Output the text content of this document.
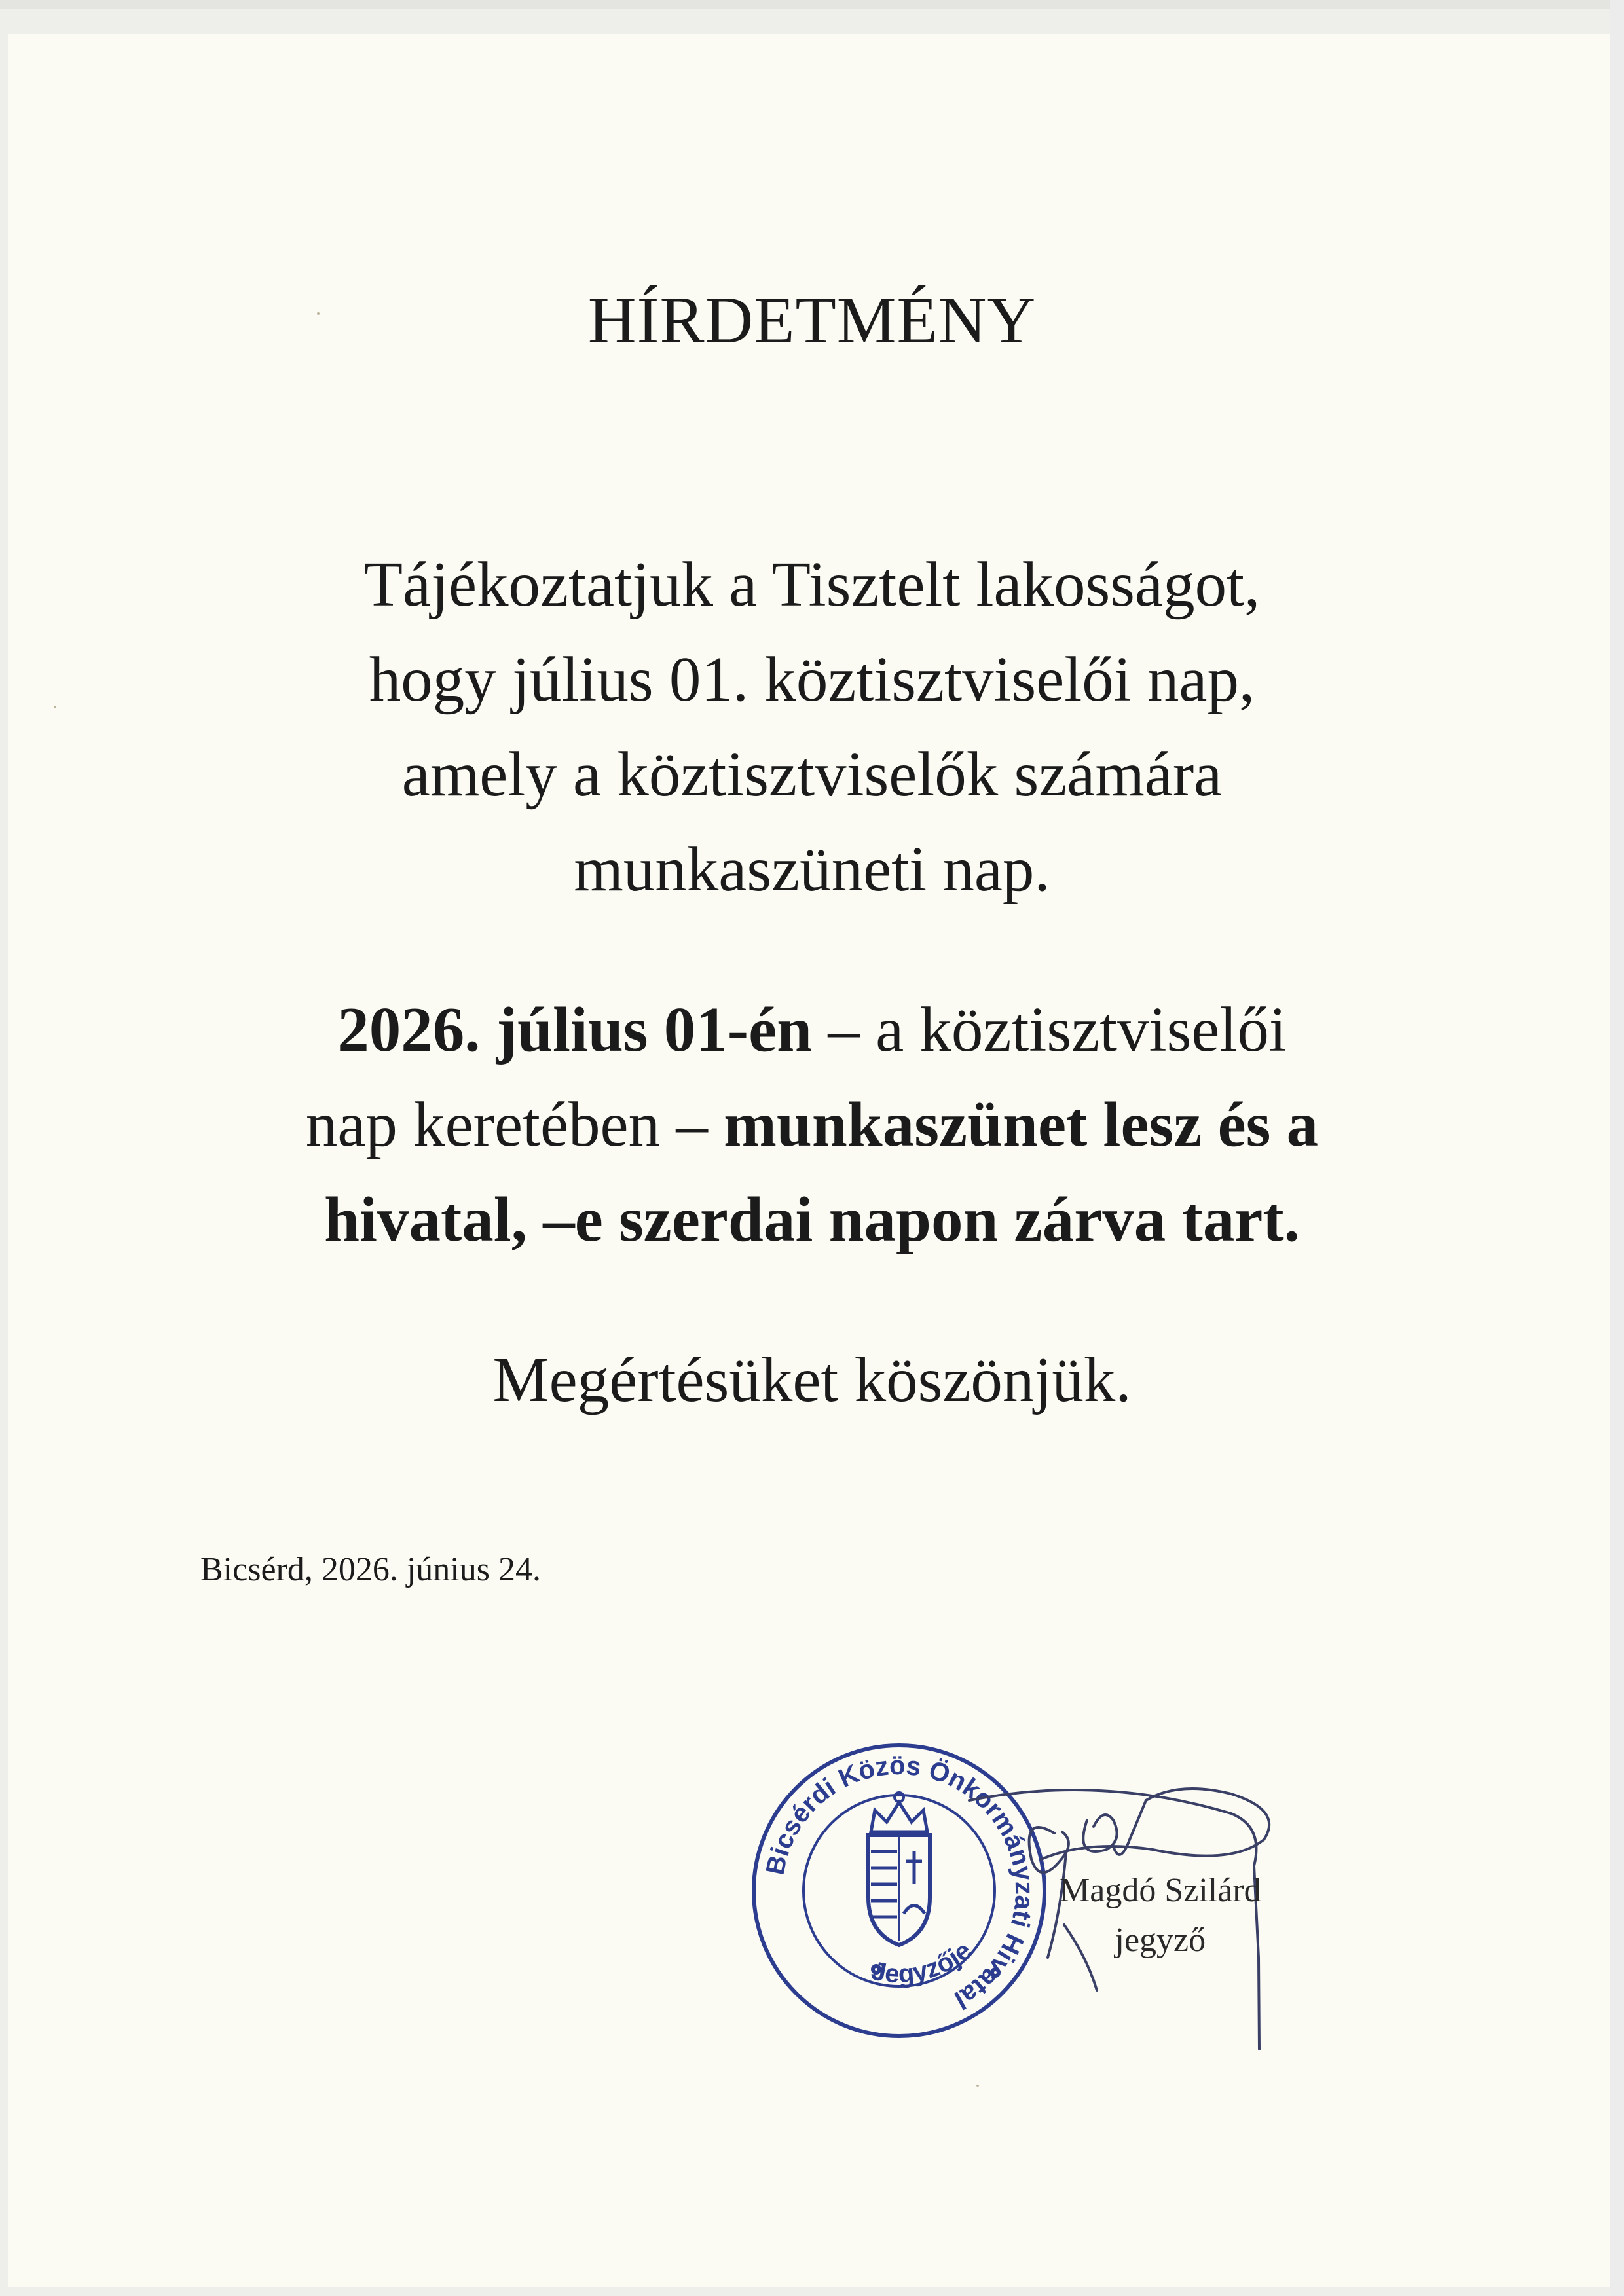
HÍRDETMÉNY
Tájékoztatjuk a Tisztelt lakosságot,
hogy július 01. köztisztviselői nap,
amely a köztisztviselők számára
munkaszüneti nap.
2026. július 01-én – a köztisztviselői
nap keretében – munkaszünet lesz és a
hivatal, –e szerdai napon zárva tart.
Megértésüket köszönjük.
Bicsérd, 2026. június 24.
Bicsérdi Közös Önkormányzati Hivatal
Jegyzője
Magdó Szilárd
jegyző
